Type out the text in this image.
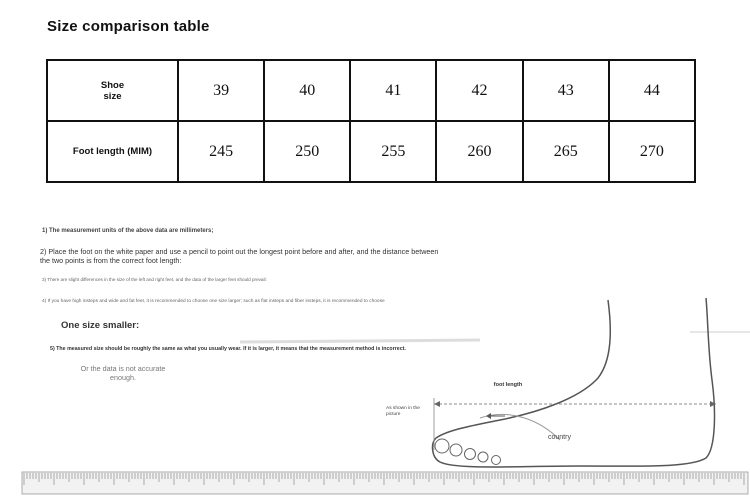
Size comparison table
Shoe
size	39	40	41	42	43	44
Foot length (MIM)	245	250	255	260	265	270
1) The measurement units of the above data are millimeters;
2) Place the foot on the white paper and use a pencil to point out the longest point before and after, and the distance between the two points is from the correct foot length:
3) There are slight differences in the size of the left and right feet, and the data of the larger feet should prevail:
4) If you have high insteps and wide and fat feet, it is recommended to choose one size larger; such as flat insteps and fiber insteps, it is recommended to choose
One size smaller:
5) The measured size should be roughly the same as what you usually wear. If it is larger, it means that the measurement method is incorrect.
Or the data is not accurate enough.
foot length
As shown in the picture
country
